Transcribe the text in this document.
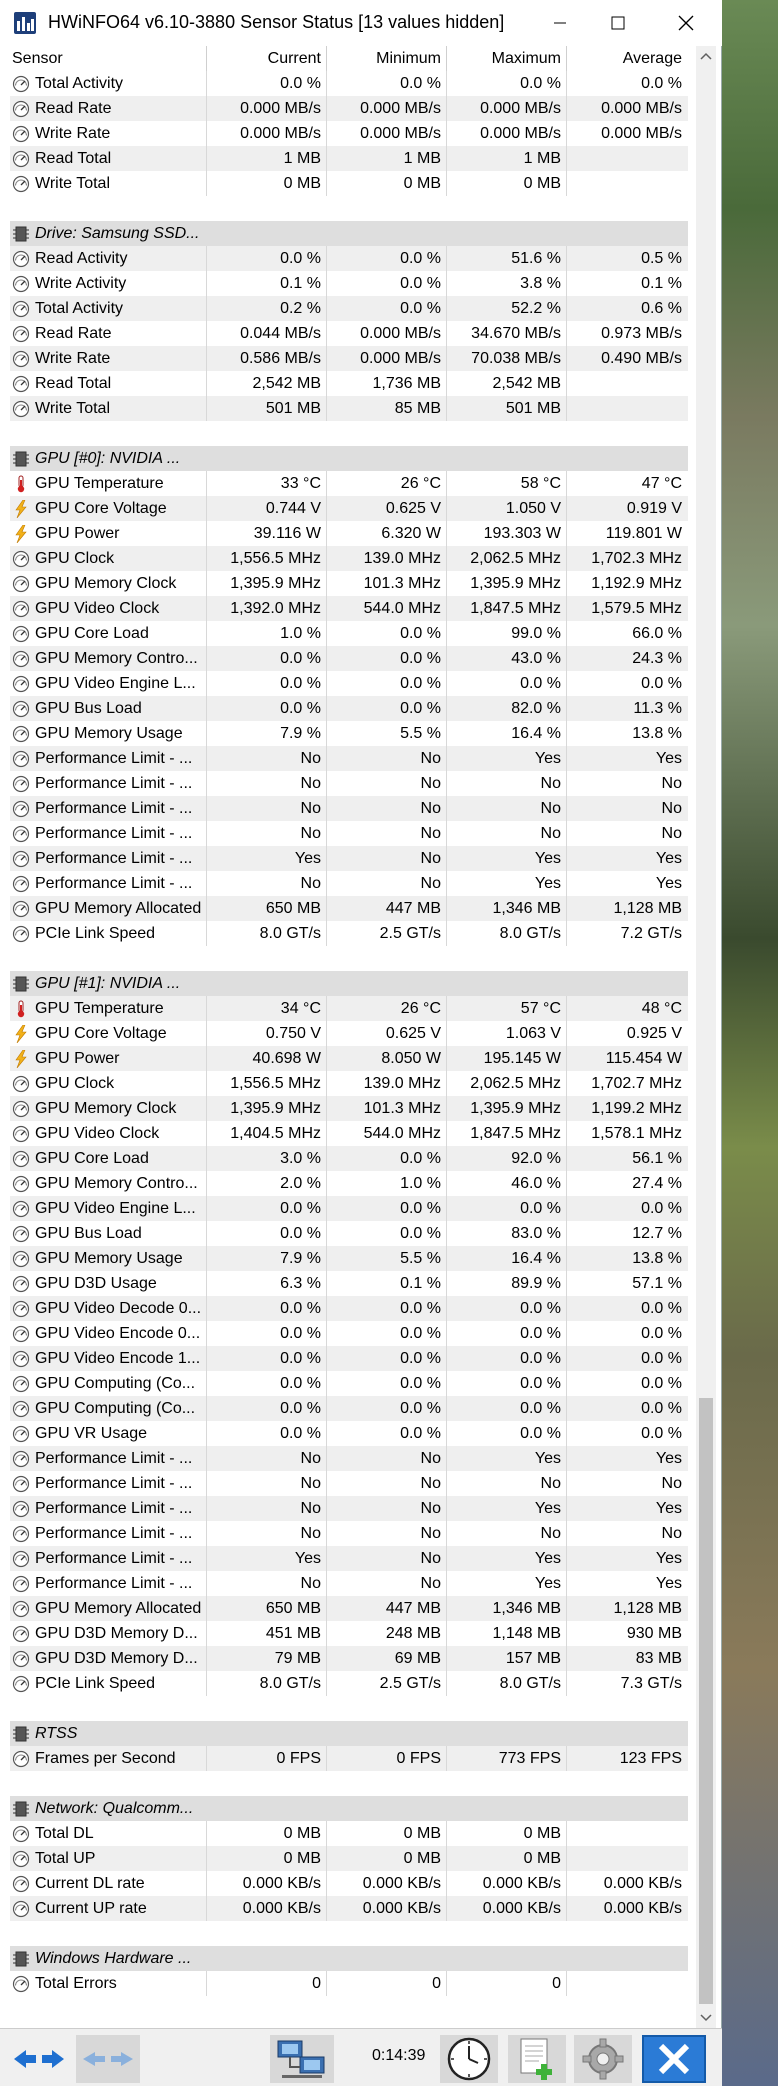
HWiNFO64 v6.10-3880 Sensor Status [13 values hidden]
Sensor	Current	Minimum	Maximum	Average
Total Activity	0.0 %	0.0 %	0.0 %	0.0 %
Read Rate	0.000 MB/s	0.000 MB/s	0.000 MB/s	0.000 MB/s
Write Rate	0.000 MB/s	0.000 MB/s	0.000 MB/s	0.000 MB/s
Read Total	1 MB	1 MB	1 MB
Write Total	0 MB	0 MB	0 MB
Drive: Samsung SSD...
Read Activity	0.0 %	0.0 %	51.6 %	0.5 %
Write Activity	0.1 %	0.0 %	3.8 %	0.1 %
Total Activity	0.2 %	0.0 %	52.2 %	0.6 %
Read Rate	0.044 MB/s	0.000 MB/s	34.670 MB/s	0.973 MB/s
Write Rate	0.586 MB/s	0.000 MB/s	70.038 MB/s	0.490 MB/s
Read Total	2,542 MB	1,736 MB	2,542 MB
Write Total	501 MB	85 MB	501 MB
GPU [#0]: NVIDIA ...
GPU Temperature	33 °C	26 °C	58 °C	47 °C
GPU Core Voltage	0.744 V	0.625 V	1.050 V	0.919 V
GPU Power	39.116 W	6.320 W	193.303 W	119.801 W
GPU Clock	1,556.5 MHz	139.0 MHz	2,062.5 MHz	1,702.3 MHz
GPU Memory Clock	1,395.9 MHz	101.3 MHz	1,395.9 MHz	1,192.9 MHz
GPU Video Clock	1,392.0 MHz	544.0 MHz	1,847.5 MHz	1,579.5 MHz
GPU Core Load	1.0 %	0.0 %	99.0 %	66.0 %
GPU Memory Contro...	0.0 %	0.0 %	43.0 %	24.3 %
GPU Video Engine L...	0.0 %	0.0 %	0.0 %	0.0 %
GPU Bus Load	0.0 %	0.0 %	82.0 %	11.3 %
GPU Memory Usage	7.9 %	5.5 %	16.4 %	13.8 %
Performance Limit - ...	No	No	Yes	Yes
Performance Limit - ...	No	No	No	No
Performance Limit - ...	No	No	No	No
Performance Limit - ...	No	No	No	No
Performance Limit - ...	Yes	No	Yes	Yes
Performance Limit - ...	No	No	Yes	Yes
GPU Memory Allocated	650 MB	447 MB	1,346 MB	1,128 MB
PCIe Link Speed	8.0 GT/s	2.5 GT/s	8.0 GT/s	7.2 GT/s
GPU [#1]: NVIDIA ...
GPU Temperature	34 °C	26 °C	57 °C	48 °C
GPU Core Voltage	0.750 V	0.625 V	1.063 V	0.925 V
GPU Power	40.698 W	8.050 W	195.145 W	115.454 W
GPU Clock	1,556.5 MHz	139.0 MHz	2,062.5 MHz	1,702.7 MHz
GPU Memory Clock	1,395.9 MHz	101.3 MHz	1,395.9 MHz	1,199.2 MHz
GPU Video Clock	1,404.5 MHz	544.0 MHz	1,847.5 MHz	1,578.1 MHz
GPU Core Load	3.0 %	0.0 %	92.0 %	56.1 %
GPU Memory Contro...	2.0 %	1.0 %	46.0 %	27.4 %
GPU Video Engine L...	0.0 %	0.0 %	0.0 %	0.0 %
GPU Bus Load	0.0 %	0.0 %	83.0 %	12.7 %
GPU Memory Usage	7.9 %	5.5 %	16.4 %	13.8 %
GPU D3D Usage	6.3 %	0.1 %	89.9 %	57.1 %
GPU Video Decode 0...	0.0 %	0.0 %	0.0 %	0.0 %
GPU Video Encode 0...	0.0 %	0.0 %	0.0 %	0.0 %
GPU Video Encode 1...	0.0 %	0.0 %	0.0 %	0.0 %
GPU Computing (Co...	0.0 %	0.0 %	0.0 %	0.0 %
GPU Computing (Co...	0.0 %	0.0 %	0.0 %	0.0 %
GPU VR Usage	0.0 %	0.0 %	0.0 %	0.0 %
Performance Limit - ...	No	No	Yes	Yes
Performance Limit - ...	No	No	No	No
Performance Limit - ...	No	No	Yes	Yes
Performance Limit - ...	No	No	No	No
Performance Limit - ...	Yes	No	Yes	Yes
Performance Limit - ...	No	No	Yes	Yes
GPU Memory Allocated	650 MB	447 MB	1,346 MB	1,128 MB
GPU D3D Memory D...	451 MB	248 MB	1,148 MB	930 MB
GPU D3D Memory D...	79 MB	69 MB	157 MB	83 MB
PCIe Link Speed	8.0 GT/s	2.5 GT/s	8.0 GT/s	7.3 GT/s
RTSS
Frames per Second	0 FPS	0 FPS	773 FPS	123 FPS
Network: Qualcomm...
Total DL	0 MB	0 MB	0 MB
Total UP	0 MB	0 MB	0 MB
Current DL rate	0.000 KB/s	0.000 KB/s	0.000 KB/s	0.000 KB/s
Current UP rate	0.000 KB/s	0.000 KB/s	0.000 KB/s	0.000 KB/s
Windows Hardware ...
Total Errors	0	0	0
0:14:39
